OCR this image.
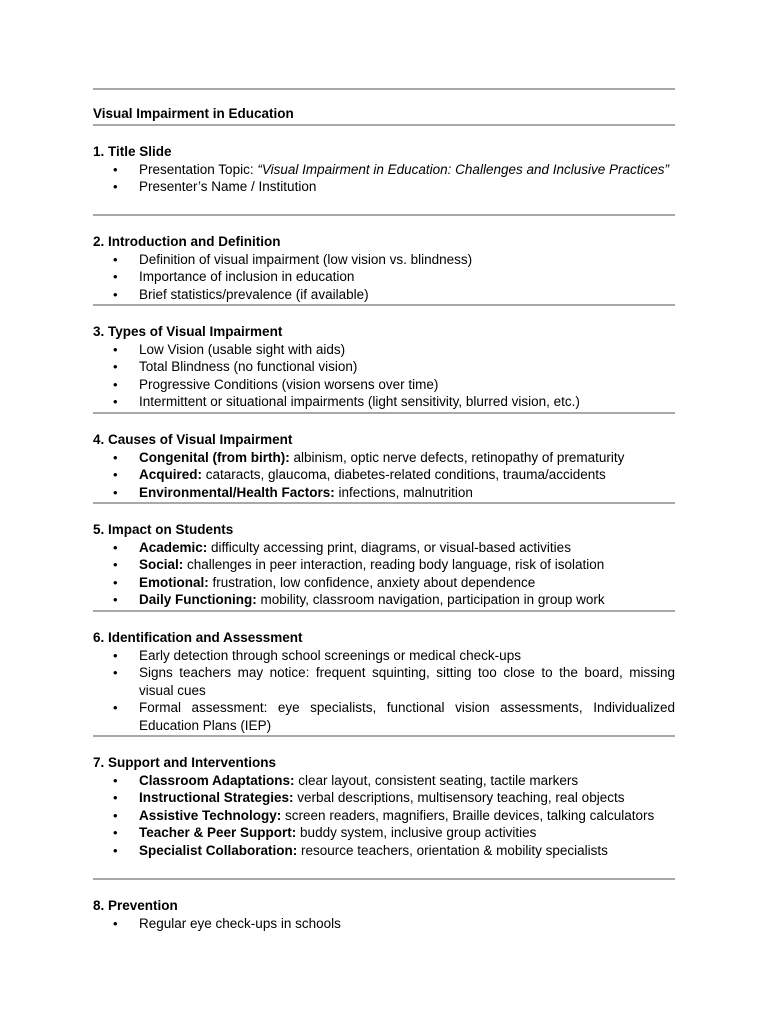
Visual Impairment in Education
1. Title Slide
• Presentation Topic: “Visual Impairment in Education: Challenges and Inclusive Practices”
• Presenter’s Name / Institution
2. Introduction and Definition
• Definition of visual impairment (low vision vs. blindness)
• Importance of inclusion in education
• Brief statistics/prevalence (if available)
3. Types of Visual Impairment
• Low Vision (usable sight with aids)
• Total Blindness (no functional vision)
• Progressive Conditions (vision worsens over time)
• Intermittent or situational impairments (light sensitivity, blurred vision, etc.)
4. Causes of Visual Impairment
• Congenital (from birth): albinism, optic nerve defects, retinopathy of prematurity
• Acquired: cataracts, glaucoma, diabetes-related conditions, trauma/accidents
• Environmental/Health Factors: infections, malnutrition
5. Impact on Students
• Academic: difficulty accessing print, diagrams, or visual-based activities
• Social: challenges in peer interaction, reading body language, risk of isolation
• Emotional: frustration, low confidence, anxiety about dependence
• Daily Functioning: mobility, classroom navigation, participation in group work
6. Identification and Assessment
• Early detection through school screenings or medical check-ups
• Signs teachers may notice: frequent squinting, sitting too close to the board, missing visual cues
• Formal assessment: eye specialists, functional vision assessments, Individualized Education Plans (IEP)
7. Support and Interventions
• Classroom Adaptations: clear layout, consistent seating, tactile markers
• Instructional Strategies: verbal descriptions, multisensory teaching, real objects
• Assistive Technology: screen readers, magnifiers, Braille devices, talking calculators
• Teacher & Peer Support: buddy system, inclusive group activities
• Specialist Collaboration: resource teachers, orientation & mobility specialists
8. Prevention
• Regular eye check-ups in schools
